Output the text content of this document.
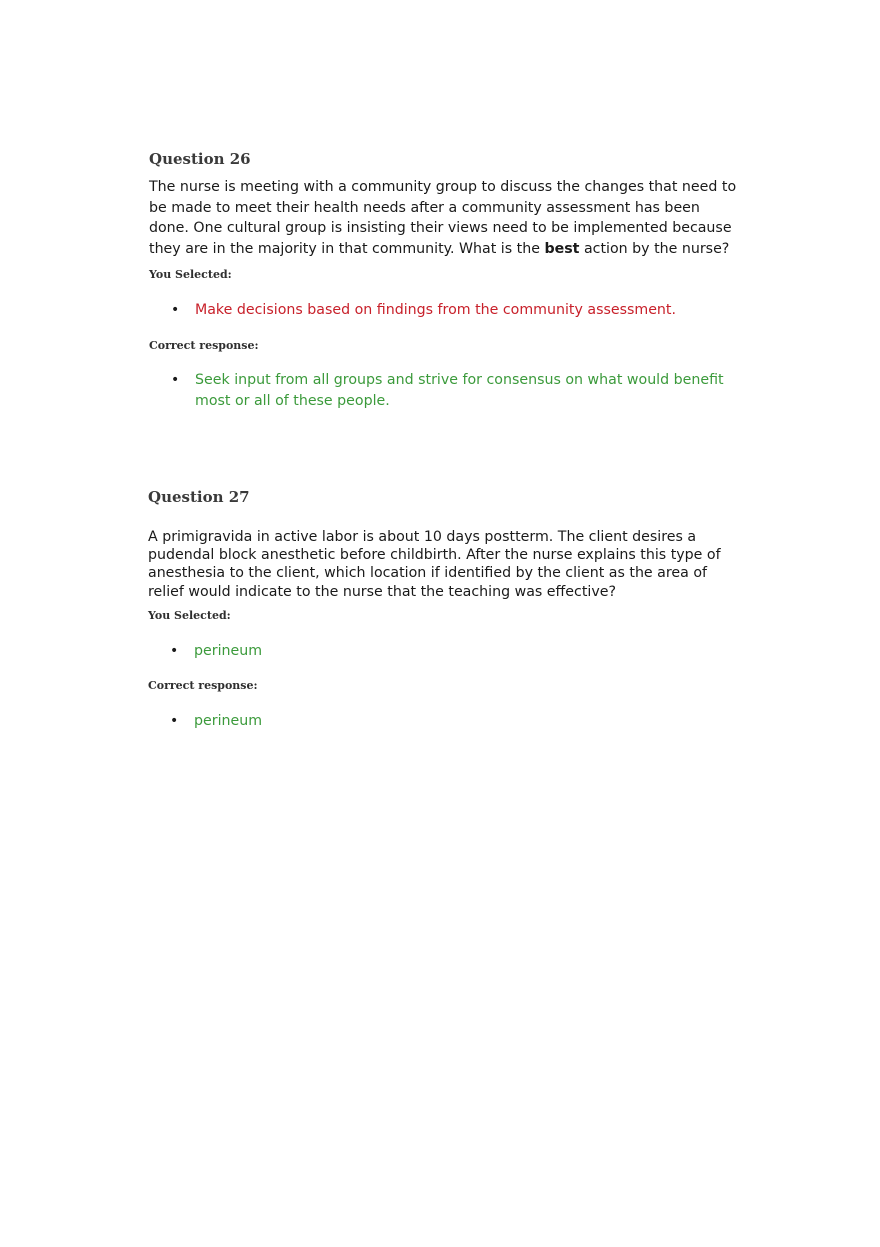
Question 26

The nurse is meeting with a community group to discuss the changes that need to be made to meet their health needs after a community assessment has been done. One cultural group is insisting their views need to be implemented because they are in the majority in that community. What is the best action by the nurse?

You Selected:

• Make decisions based on findings from the community assessment.

Correct response:

• Seek input from all groups and strive for consensus on what would benefit most or all of these people.

Question 27

A primigravida in active labor is about 10 days postterm. The client desires a pudendal block anesthetic before childbirth. After the nurse explains this type of anesthesia to the client, which location if identified by the client as the area of relief would indicate to the nurse that the teaching was effective?

You Selected:

• perineum

Correct response:

• perineum
